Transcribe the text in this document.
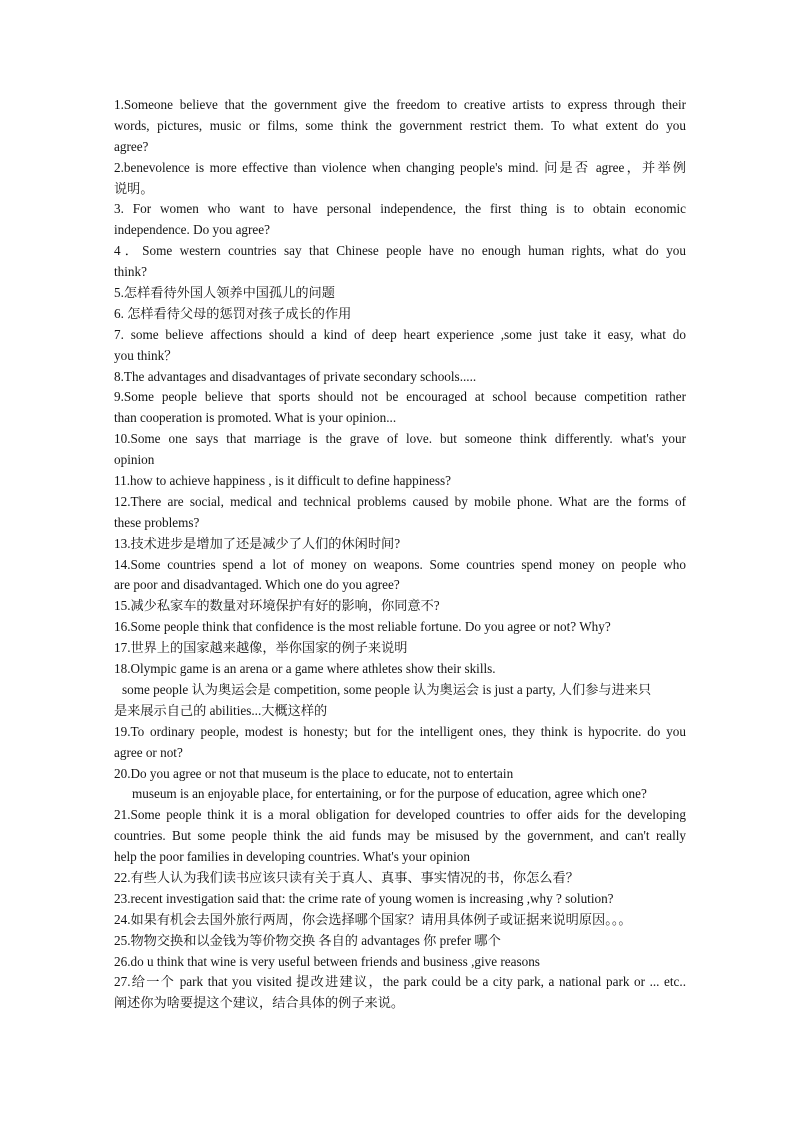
1.Someone believe that the government give the freedom to creative artists to express through their
words, pictures, music or films, some think the government restrict them. To what extent do you
agree?
2.benevolence is more effective than violence when changing people's mind. 问是否 agree，并举例
说明。
3. For women who want to have personal independence, the first thing is to obtain economic
independence. Do you agree?
4．Some western countries say that Chinese people have no enough human rights, what do you
think?
5.怎样看待外国人领养中国孤儿的问题
6. 怎样看待父母的惩罚对孩子成长的作用
7. some believe affections should a kind of deep heart experience ,some just take it easy, what do
you think？
8.The advantages and disadvantages of private secondary schools.....
9.Some people believe that sports should not be encouraged at school because competition rather
than cooperation is promoted. What is your opinion...
10.Some one says that marriage is the grave of love. but someone think differently. what's your
opinion
11.how to achieve happiness , is it difficult to define happiness?
12.There are social, medical and technical problems caused by mobile phone. What are the forms of
these problems?
13.技术进步是增加了还是减少了人们的休闲时间?
14.Some countries spend a lot of money on weapons. Some countries spend money on people who
are poor and disadvantaged. Which one do you agree?
15.减少私家车的数量对环境保护有好的影响，你同意不?
16.Some people think that confidence is the most reliable fortune. Do you agree or not? Why?
17.世界上的国家越来越像，举你国家的例子来说明
18.Olympic game is an arena or a game where athletes show their skills.
some people 认为奥运会是 competition, some people 认为奥运会 is just a party, 人们参与进来只
是来展示自己的 abilities...大概这样的
19.To ordinary people, modest is honesty; but for the intelligent ones, they think is hypocrite. do you
agree or not?
20.Do you agree or not that museum is the place to educate, not to entertain
museum is an enjoyable place, for entertaining, or for the purpose of education, agree which one?
21.Some people think it is a moral obligation for developed countries to offer aids for the developing
countries. But some people think the aid funds may be misused by the government, and can't really
help the poor families in developing countries. What's your opinion
22.有些人认为我们读书应该只读有关于真人、真事、事实情况的书，你怎么看？
23.recent investigation said that: the crime rate of young women is increasing ,why ? solution?
24.如果有机会去国外旅行两周，你会选择哪个国家？请用具体例子或证据来说明原因。。。
25.物物交换和以金钱为等价物交换 各自的 advantages 你 prefer 哪个
26.do u think that wine is very useful between friends and business ,give reasons
27.给一个 park that you visited 提改进建议，the park could be a city park, a national park or ... etc..
阐述你为啥要提这个建议，结合具体的例子来说。
